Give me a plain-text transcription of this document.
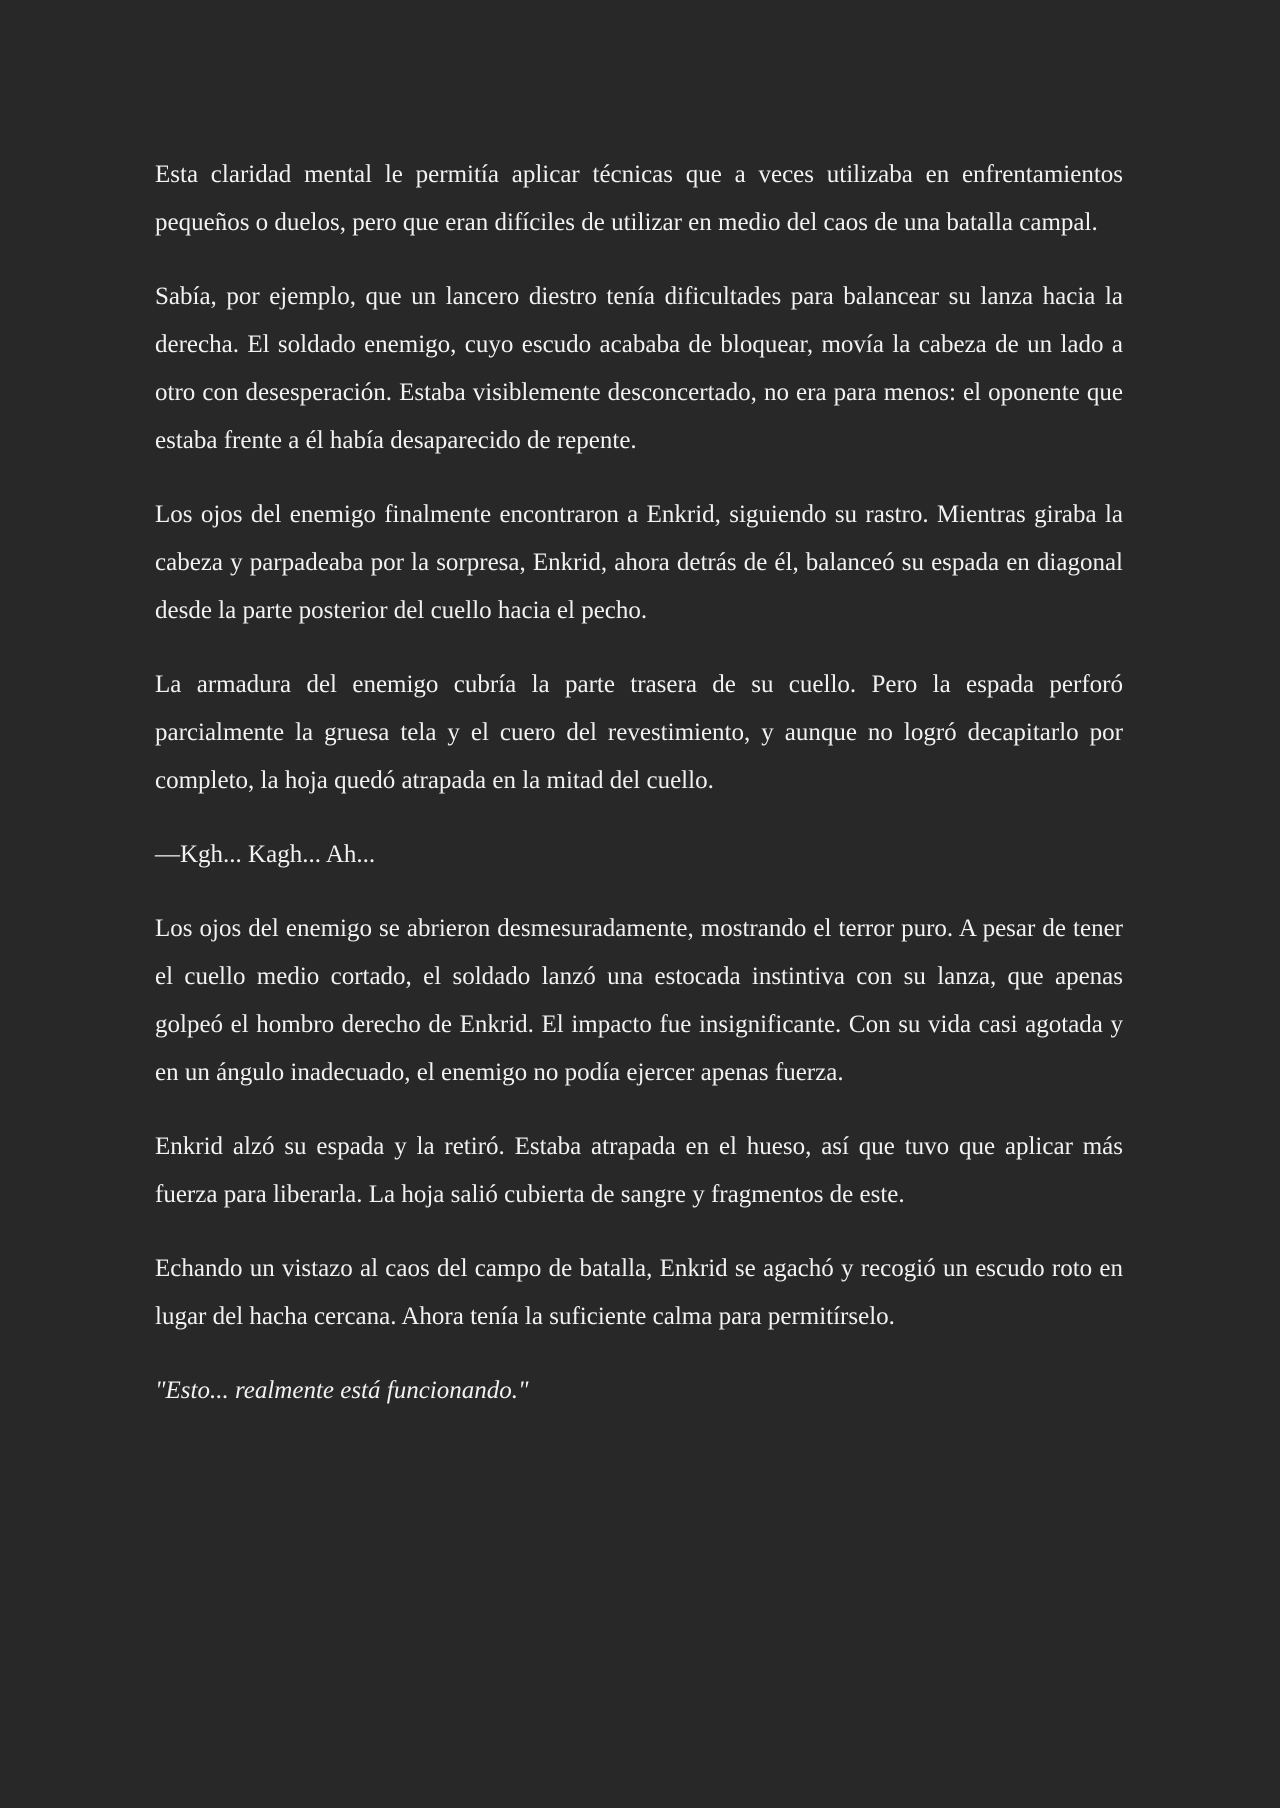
Esta claridad mental le permitía aplicar técnicas que a veces utilizaba en enfrentamientos pequeños o duelos, pero que eran difíciles de utilizar en medio del caos de una batalla campal.

Sabía, por ejemplo, que un lancero diestro tenía dificultades para balancear su lanza hacia la derecha. El soldado enemigo, cuyo escudo acababa de bloquear, movía la cabeza de un lado a otro con desesperación. Estaba visiblemente desconcertado, no era para menos: el oponente que estaba frente a él había desaparecido de repente.

Los ojos del enemigo finalmente encontraron a Enkrid, siguiendo su rastro. Mientras giraba la cabeza y parpadeaba por la sorpresa, Enkrid, ahora detrás de él, balanceó su espada en diagonal desde la parte posterior del cuello hacia el pecho.

La armadura del enemigo cubría la parte trasera de su cuello. Pero la espada perforó parcialmente la gruesa tela y el cuero del revestimiento, y aunque no logró decapitarlo por completo, la hoja quedó atrapada en la mitad del cuello.

—Kgh... Kagh... Ah...

Los ojos del enemigo se abrieron desmesuradamente, mostrando el terror puro. A pesar de tener el cuello medio cortado, el soldado lanzó una estocada instintiva con su lanza, que apenas golpeó el hombro derecho de Enkrid. El impacto fue insignificante. Con su vida casi agotada y en un ángulo inadecuado, el enemigo no podía ejercer apenas fuerza.

Enkrid alzó su espada y la retiró. Estaba atrapada en el hueso, así que tuvo que aplicar más fuerza para liberarla. La hoja salió cubierta de sangre y fragmentos de este.

Echando un vistazo al caos del campo de batalla, Enkrid se agachó y recogió un escudo roto en lugar del hacha cercana. Ahora tenía la suficiente calma para permitírselo.

"Esto... realmente está funcionando."
